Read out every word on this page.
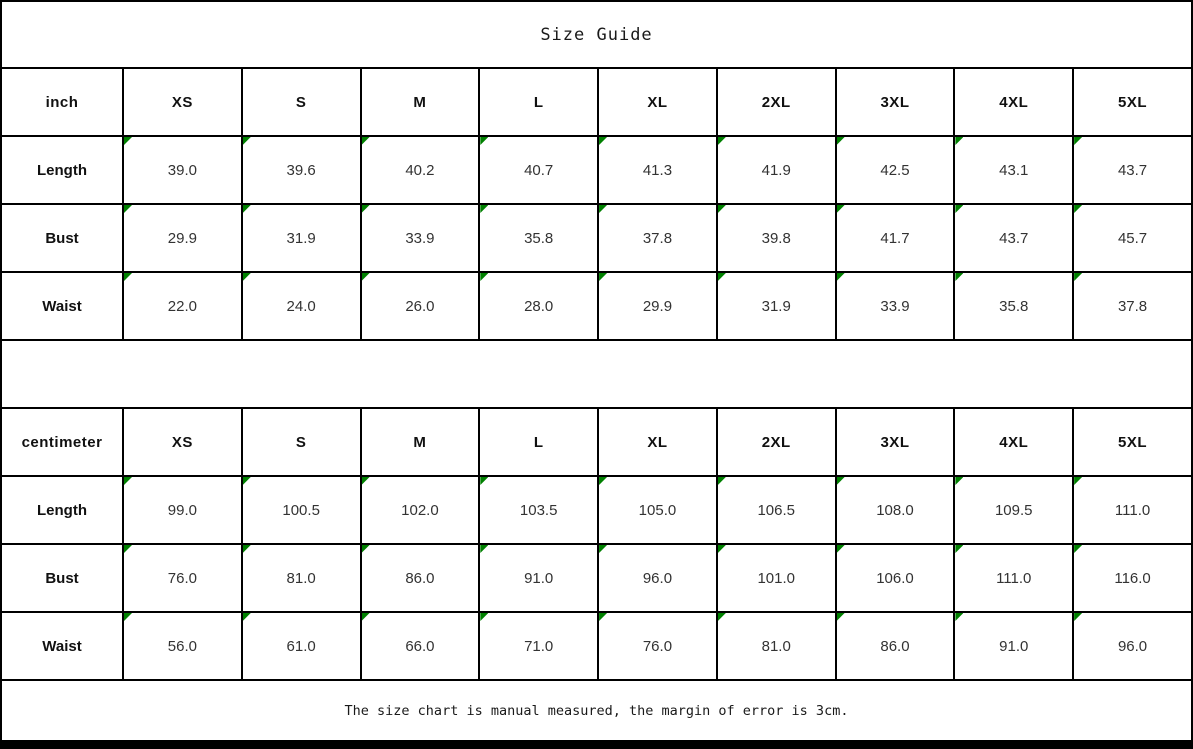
Size Guide									
inch	XS	S	M	L	XL	2XL	3XL	4XL	5XL
Length	39.0	39.6	40.2	40.7	41.3	41.9	42.5	43.1	43.7
Bust	29.9	31.9	33.9	35.8	37.8	39.8	41.7	43.7	45.7
Waist	22.0	24.0	26.0	28.0	29.9	31.9	33.9	35.8	37.8

centimeter	XS	S	M	L	XL	2XL	3XL	4XL	5XL
Length	99.0	100.5	102.0	103.5	105.0	106.5	108.0	109.5	111.0
Bust	76.0	81.0	86.0	91.0	96.0	101.0	106.0	111.0	116.0
Waist	56.0	61.0	66.0	71.0	76.0	81.0	86.0	91.0	96.0
The size chart is manual measured, the margin of error is 3cm.									
